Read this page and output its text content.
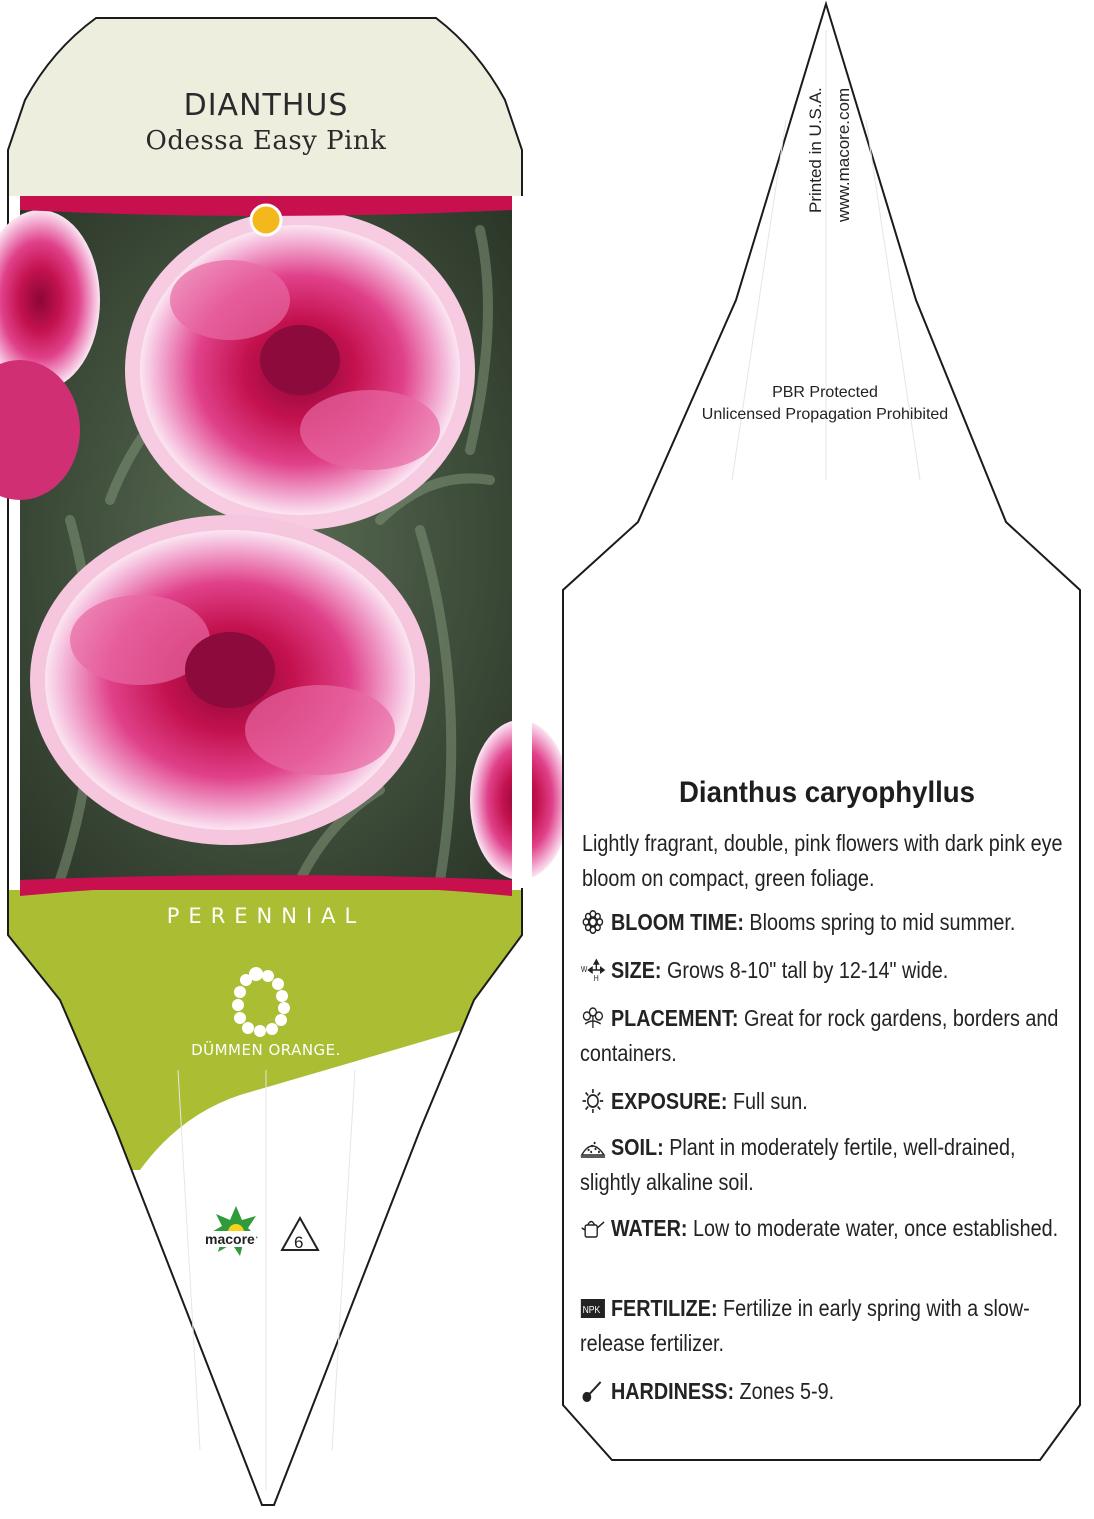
DIANTHUS
Odessa Easy Pink
PERENNIAL
DÜMMEN ORANGE.
macore 6
Printed in U.S.A. www.macore.com
PBR Protected
Unlicensed Propagation Prohibited
Dianthus caryophyllus
Lightly fragrant, double, pink flowers with dark pink eye bloom on compact, green foliage.
BLOOM TIME: Blooms spring to mid summer.
W
H SIZE: Grows 8-10" tall by 12-14" wide.
PLACEMENT: Great for rock gardens, borders and containers.
EXPOSURE: Full sun.
SOIL: Plant in moderately fertile, well-drained, slightly alkaline soil.
WATER: Low to moderate water, once established.
NPK FERTILIZE: Fertilize in early spring with a slow-release fertilizer.
HARDINESS: Zones 5-9.
